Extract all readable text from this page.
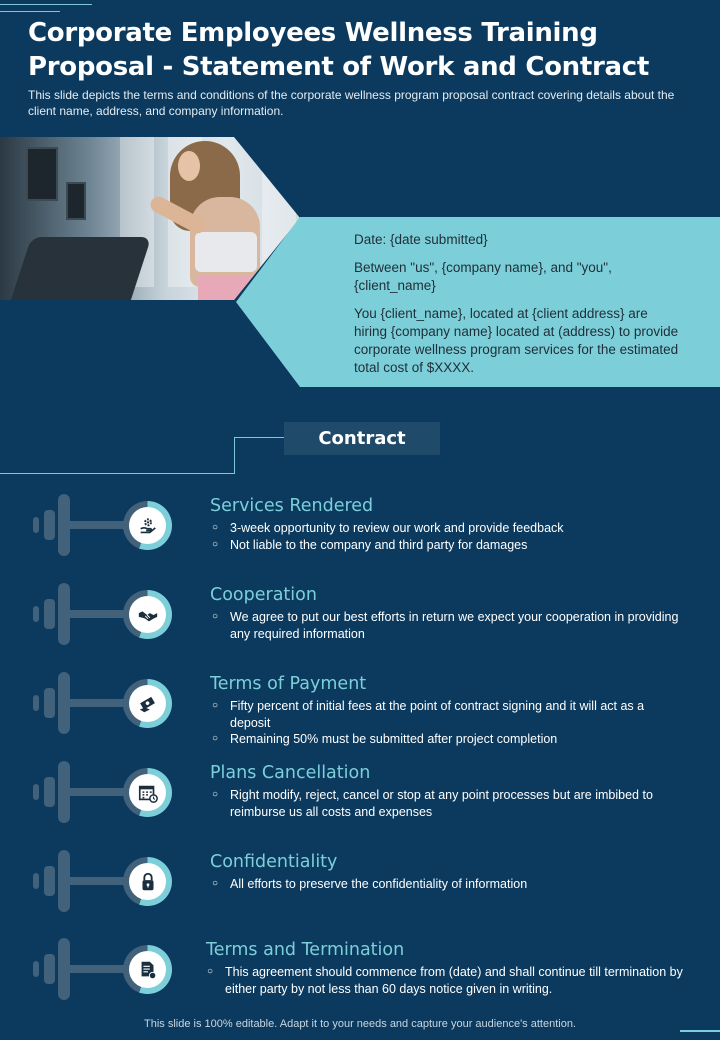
Corporate Employees Wellness Training Proposal - Statement of Work and Contract

This slide depicts the terms and conditions of the corporate wellness program proposal contract covering details about the client name, address, and company information.

Date: {date submitted}

Between "us", {company name}, and "you", {client_name}

You {client_name}, located at {client address} are hiring {company name} located at (address) to provide corporate wellness program services for the estimated total cost of $XXXX.

Contract
Services Rendered
○ 3-week opportunity to review our work and provide feedback
○ Not liable to the company and third party for damages
Cooperation
○ We agree to put our best efforts in return we expect your cooperation in providing any required information
Terms of Payment
○ Fifty percent of initial fees at the point of contract signing and it will act as a deposit
○ Remaining 50% must be submitted after project completion
Plans Cancellation
○ Right modify, reject, cancel or stop at any point processes but are imbibed to reimburse us all costs and expenses
Confidentiality
○ All efforts to preserve the confidentiality of information
Terms and Termination
○ This agreement should commence from (date) and shall continue till termination by either party by not less than 60 days notice given in writing.

This slide is 100% editable. Adapt it to your needs and capture your audience's attention.
